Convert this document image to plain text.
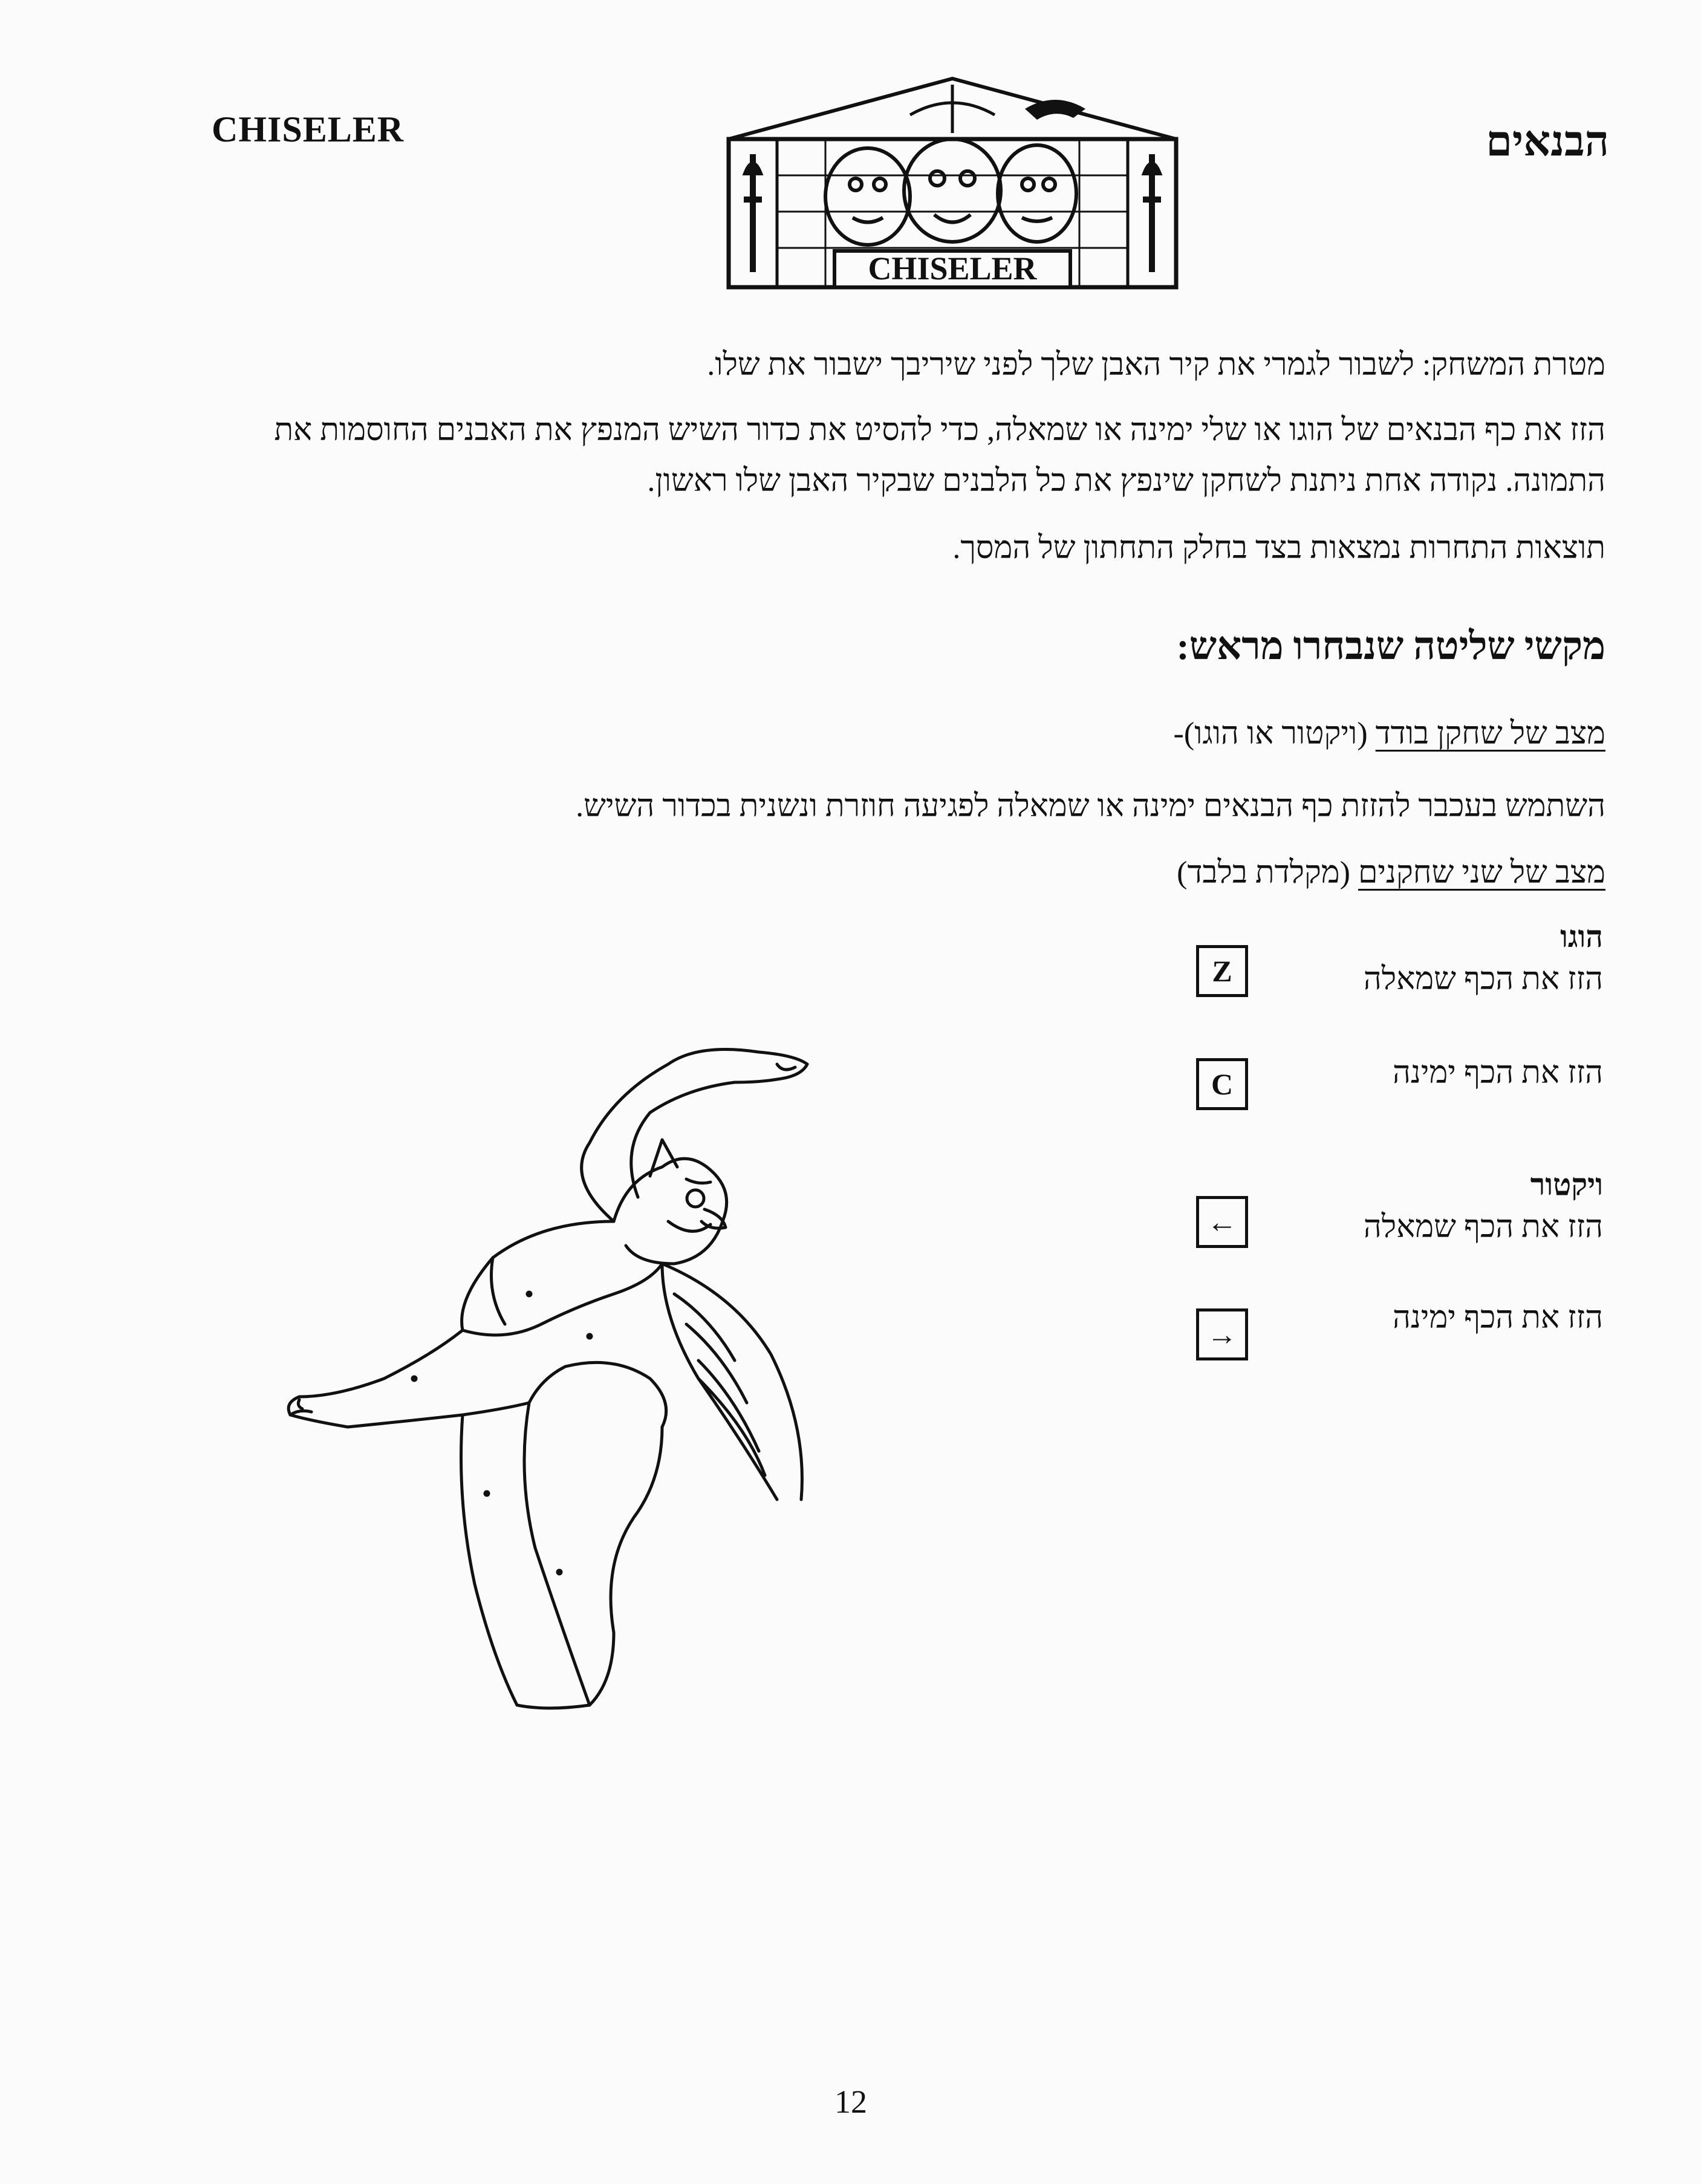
CHISELER	הבנאים
CHISELER
מטרת המשחק: לשבור לגמרי את קיר האבן שלך לפני שיריבך ישבור את שלו.
הזז את כף הבנאים של הוגו או שלי ימינה או שמאלה, כדי להסיט את כדור השיש המנפץ את האבנים החוסמות את התמונה. נקודה אחת ניתנת לשחקן שינפץ את כל הלבנים שבקיר האבן שלו ראשון.
תוצאות התחרות נמצאות בצד בחלק התחתון של המסך.
מקשי שליטה שנבחרו מראש:
מצב של שחקן בודד (ויקטור או הוגו)-
השתמש בעכבר להזזת כף הבנאים ימינה או שמאלה לפגיעה חוזרת ונשנית בכדור השיש.
מצב של שני שחקנים (מקלדת בלבד)
הוגו
הזז את הכף שמאלה
Z
הזז את הכף ימינה
C
ויקטור
הזז את הכף שמאלה
←
הזז את הכף ימינה
→
12
